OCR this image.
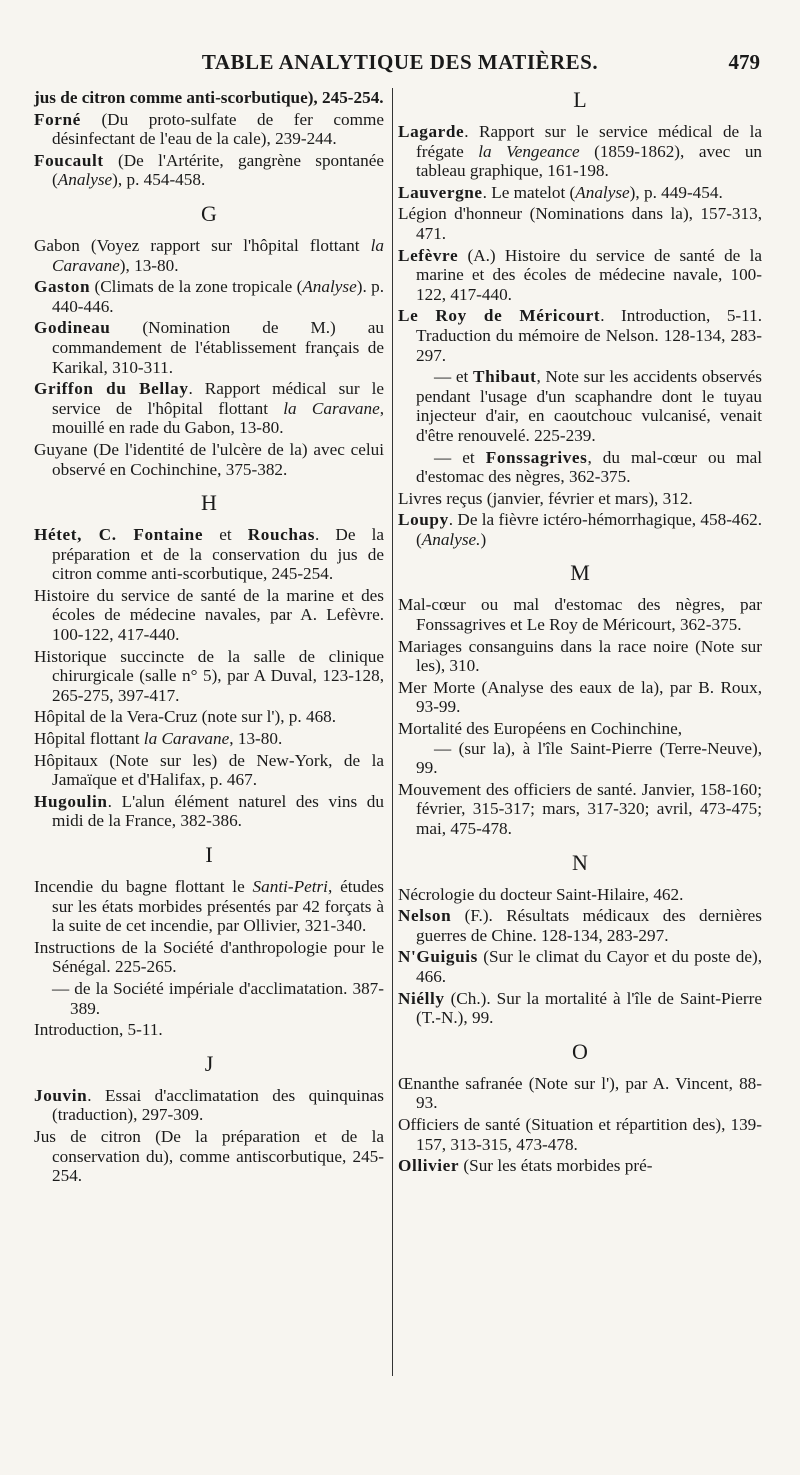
TABLE ANALYTIQUE DES MATIÈRES.	479
jus de citron comme anti-scorbutique), 245-254.
Forné (Du proto-sulfate de fer comme désinfectant de l'eau de la cale), 239-244.
Foucault (De l'Artérite, gangrène spontanée (Analyse), p. 454-458.
G
Gabon (Voyez rapport sur l'hôpital flottant la Caravane), 13-80.
Gaston (Climats de la zone tropicale (Analyse). p. 440-446.
Godineau (Nomination de M.) au commandement de l'établissement français de Karikal, 310-311.
Griffon du Bellay. Rapport médical sur le service de l'hôpital flottant la Caravane, mouillé en rade du Gabon, 13-80.
Guyane (De l'identité de l'ulcère de la) avec celui observé en Cochinchine, 375-382.
H
Hétet, C. Fontaine et Rouchas. De la préparation et de la conservation du jus de citron comme anti-scorbutique, 245-254.
Histoire du service de santé de la marine et des écoles de médecine navales, par A. Lefèvre. 100-122, 417-440.
Historique succincte de la salle de clinique chirurgicale (salle n° 5), par A Duval, 123-128, 265-275, 397-417.
Hôpital de la Vera-Cruz (note sur l'), p. 468.
Hôpital flottant la Caravane, 13-80.
Hôpitaux (Note sur les) de New-York, de la Jamaïque et d'Halifax, p. 467.
Hugoulin. L'alun élément naturel des vins du midi de la France, 382-386.
I
Incendie du bagne flottant le Santi-Petri, études sur les états morbides présentés par 42 forçats à la suite de cet incendie, par Ollivier, 321-340.
Instructions de la Société d'anthropologie pour le Sénégal. 225-265.
— de la Société impériale d'acclimatation. 387-389.
Introduction, 5-11.
J
Jouvin. Essai d'acclimatation des quinquinas (traduction), 297-309.
Jus de citron (De la préparation et de la conservation du), comme antiscorbutique, 245-254.
L
Lagarde. Rapport sur le service médical de la frégate la Vengeance (1859-1862), avec un tableau graphique, 161-198.
Lauvergne. Le matelot (Analyse), p. 449-454.
Légion d'honneur (Nominations dans la), 157-313, 471.
Lefèvre (A.) Histoire du service de santé de la marine et des écoles de médecine navale, 100-122, 417-440.
Le Roy de Méricourt. Introduction, 5-11. Traduction du mémoire de Nelson. 128-134, 283-297.
— et Thibaut, Note sur les accidents observés pendant l'usage d'un scaphandre dont le tuyau injecteur d'air, en caoutchouc vulcanisé, venait d'être renouvelé. 225-239.
— et Fonssagrives, du mal-cœur ou mal d'estomac des nègres, 362-375.
Livres reçus (janvier, février et mars), 312.
Loupy. De la fièvre ictéro-hémorrhagique, 458-462. (Analyse.)
M
Mal-cœur ou mal d'estomac des nègres, par Fonssagrives et Le Roy de Méricourt, 362-375.
Mariages consanguins dans la race noire (Note sur les), 310.
Mer Morte (Analyse des eaux de la), par B. Roux, 93-99.
Mortalité des Européens en Cochinchine,
— (sur la), à l'île Saint-Pierre (Terre-Neuve), 99.
Mouvement des officiers de santé. Janvier, 158-160; février, 315-317; mars, 317-320; avril, 473-475; mai, 475-478.
N
Nécrologie du docteur Saint-Hilaire, 462.
Nelson (F.). Résultats médicaux des dernières guerres de Chine. 128-134, 283-297.
N'Guiguis (Sur le climat du Cayor et du poste de), 466.
Niélly (Ch.). Sur la mortalité à l'île de Saint-Pierre (T.-N.), 99.
O
Œnanthe safranée (Note sur l'), par A. Vincent, 88-93.
Officiers de santé (Situation et répartition des), 139-157, 313-315, 473-478.
Ollivier (Sur les états morbides pré-
